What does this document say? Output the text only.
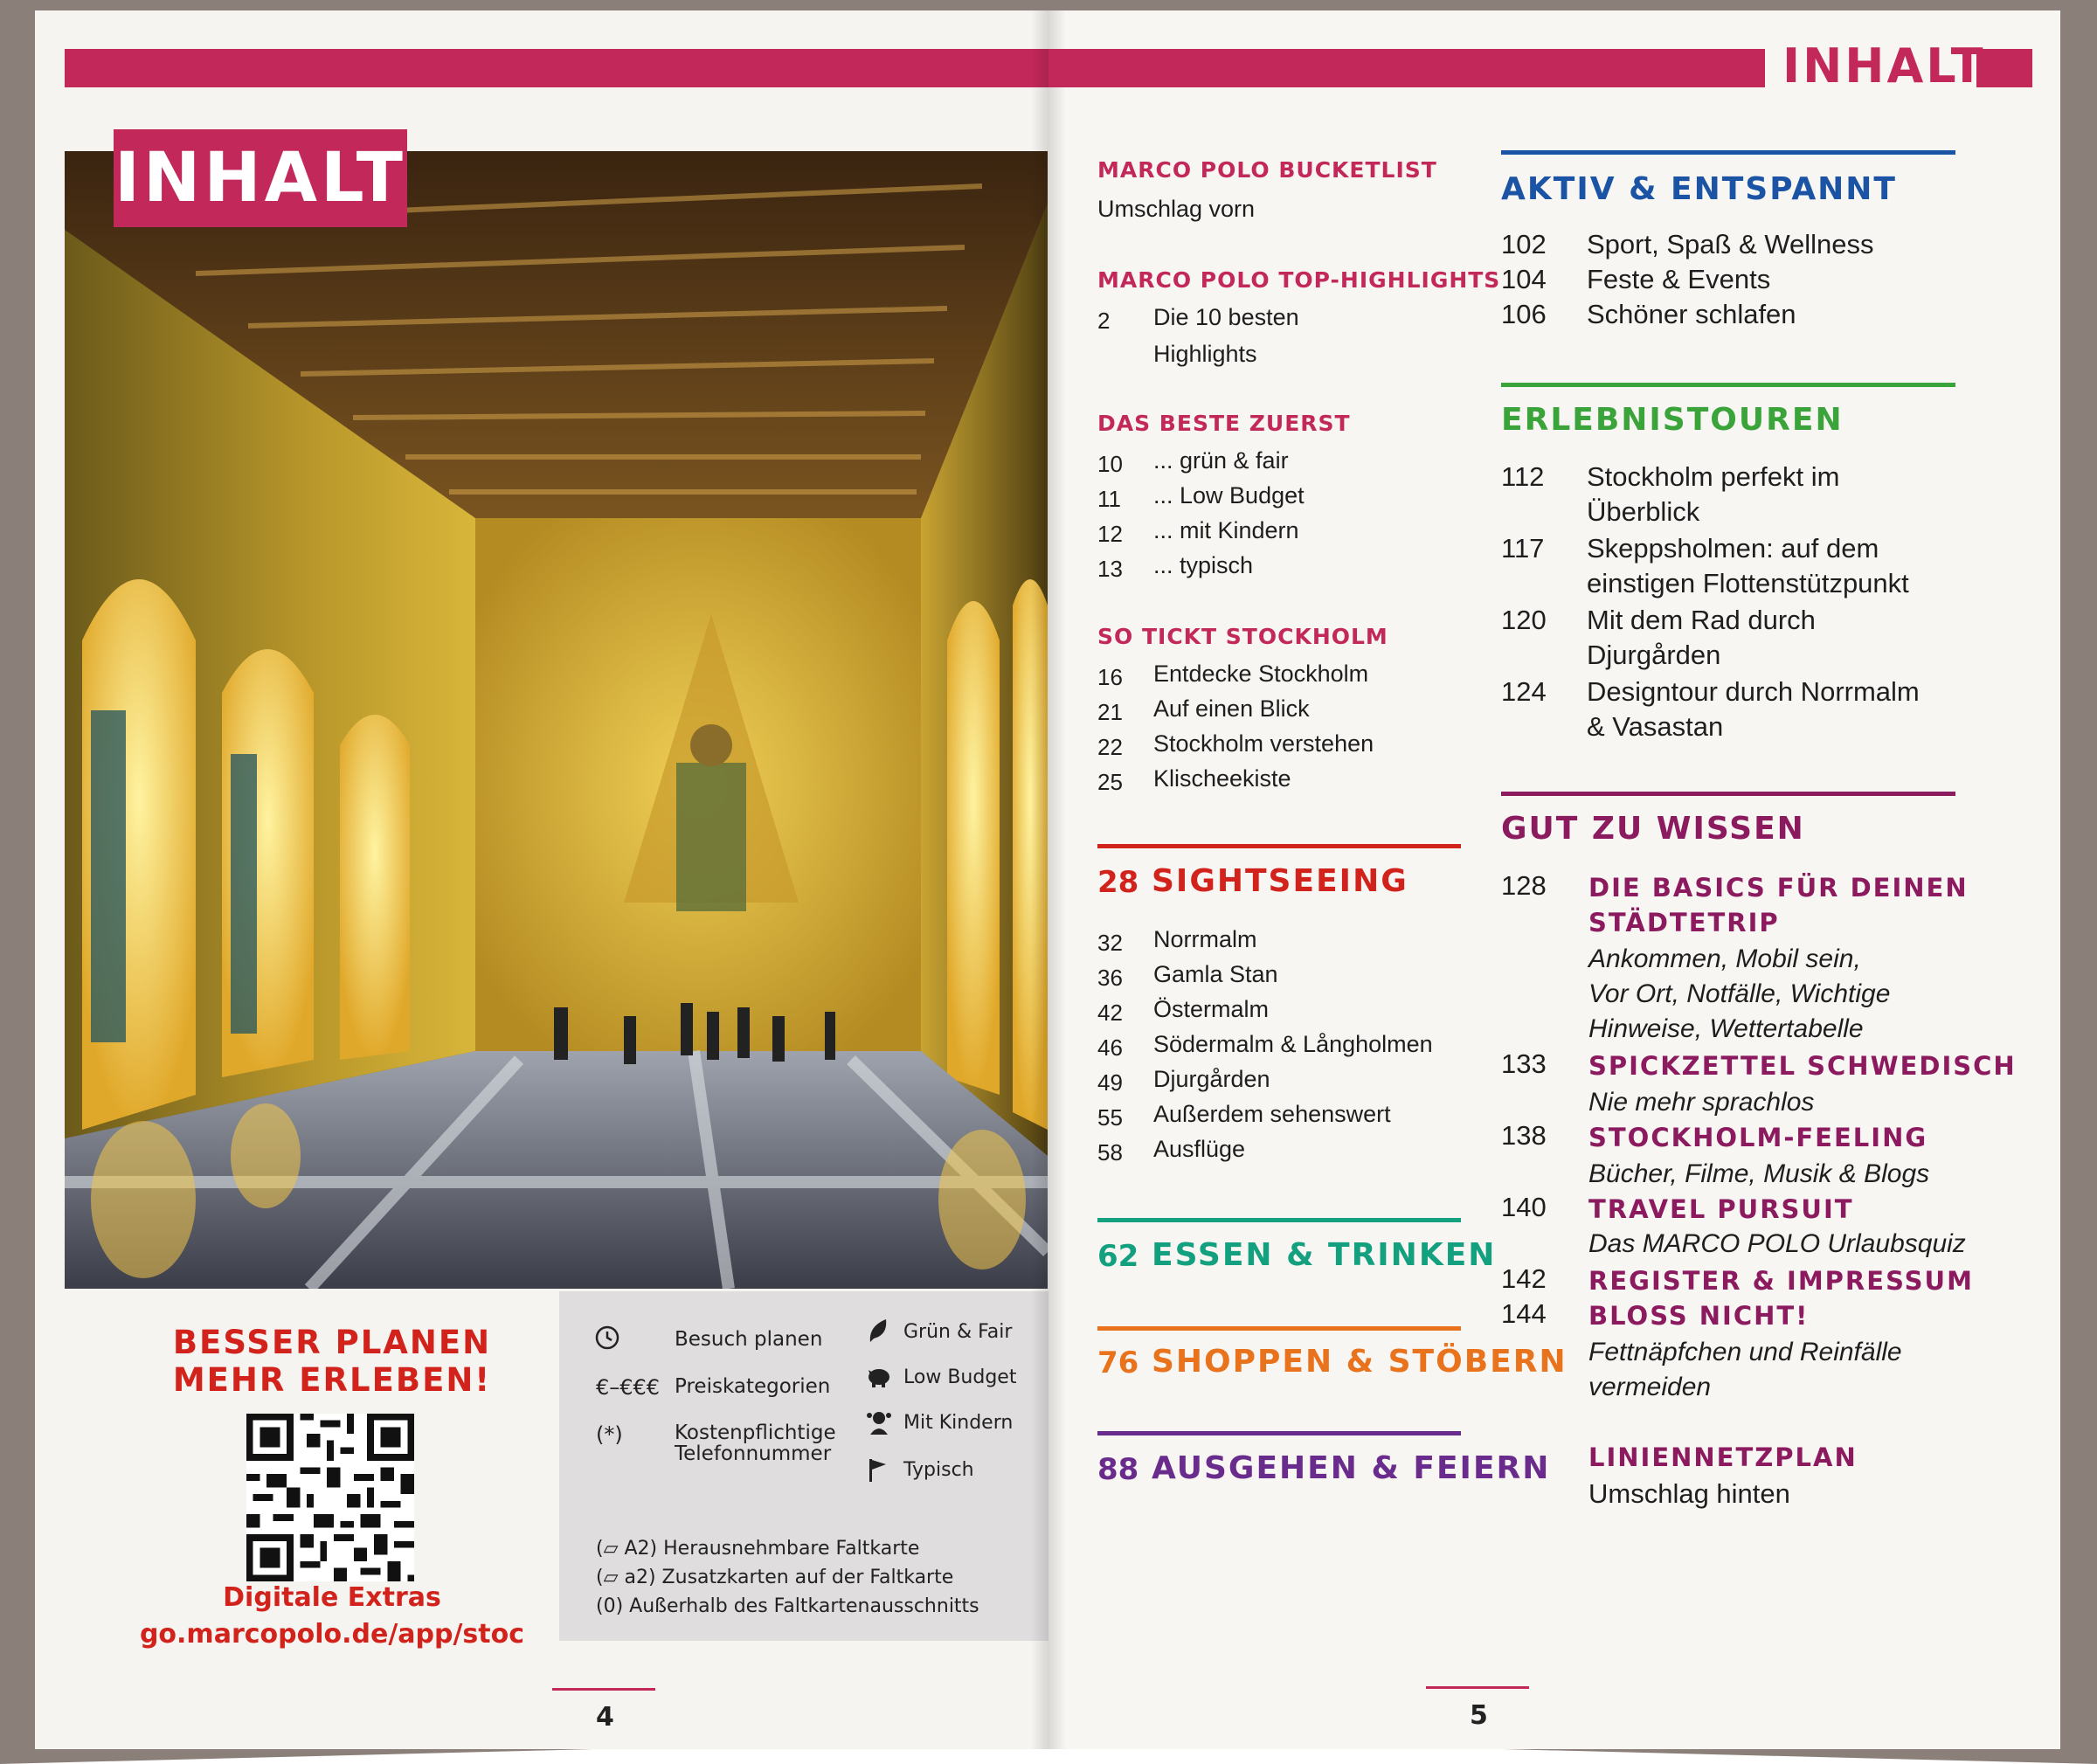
INHALT
BESSER PLANEN
MEHR ERLEBEN!
Digitale Extras
go.marcopolo.de/app/stoc
Besuch planen
€–€€€ Preiskategorien
(*)	Kostenpflichtige Telefonnummer
Grün & Fair
Low Budget
Mit Kindern
Typisch
(▱ A2) Herausnehmbare Faltkarte
(▱ a2) Zusatzkarten auf der Faltkarte
(0) Außerhalb des Faltkartenausschnitts
4
INHALT
MARCO POLO BUCKETLIST
Umschlag vorn
MARCO POLO TOP-HIGHLIGHTS
2 Die 10 besten
Highlights
DAS BESTE ZUERST
10 ... grün & fair
11 ... Low Budget
12 ... mit Kindern
13 ... typisch
SO TICKT STOCKHOLM
16 Entdecke Stockholm
21 Auf einen Blick
22 Stockholm verstehen
25 Klischeekiste
28 SIGHTSEEING
32 Norrmalm
36 Gamla Stan
42 Östermalm
46 Södermalm & Långholmen
49 Djurgården
55 Außerdem sehenswert
58 Ausflüge
62 ESSEN & TRINKEN
76 SHOPPEN & STÖBERN
88 AUSGEHEN & FEIERN
AKTIV & ENTSPANNT
102 Sport, Spaß & Wellness
104 Feste & Events
106 Schöner schlafen
ERLEBNISTOUREN
112 Stockholm perfekt im
Überblick
117 Skeppsholmen: auf dem
einstigen Flottenstützpunkt
120 Mit dem Rad durch
Djurgården
124 Designtour durch Norrmalm
& Vasastan
GUT ZU WISSEN
128 DIE BASICS FÜR DEINEN
STÄDTETRIP
Ankommen, Mobil sein,
Vor Ort, Notfälle, Wichtige
Hinweise, Wettertabelle
133 SPICKZETTEL SCHWEDISCH
Nie mehr sprachlos
138 STOCKHOLM-FEELING
Bücher, Filme, Musik & Blogs
140 TRAVEL PURSUIT
Das MARCO POLO Urlaubsquiz
142 REGISTER & IMPRESSUM
144 BLOSS NICHT!
Fettnäpfchen und Reinfälle
vermeiden
LINIENNETZPLAN
Umschlag hinten
5
